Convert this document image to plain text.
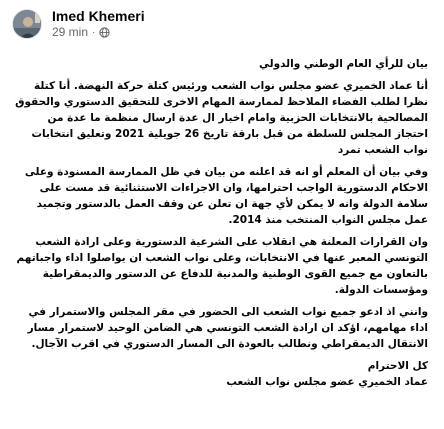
Imed Khemeri
29 min ·

بيان للرأي العام الوطني والدولي

أنا عماد الخميري عضو مجلس نواب الشعب ورئيس كتلة حركة النهضة. أنا كتلة نظرا لطلب الفضاء الملاحظ لممارسة المهام الاخرى للتحقيق الدستوري والحقوق المصالحية بالانتخابات الحزبية وامام اخبار ال عدة ارسال منظمة ما عدة من احتجاز المجلس للسلطة من قبل بارقة تاريخ 26 جويلية 2021 وتعليق انتخابات نواب الشعب تمرد

وفي بيان أن المعلم أو انه قد اعلنه من بيان في ظل الممارسة المسنودة وعلى الاحكام الدستورية الواجب احترامها، وان الاجراءات الاستثنائية قد مست على سلامة الدولة وانه لا يمكن لأي جهة ان تعلن عن وقف العمل بالدستور وتجميد عمل مجلس النواب المنتخب منذ 2014.

وان القرارات المعلنة هي انقلاب على الشرعية الدستورية وعلى ارادة الشعب التونسي المعبر عنها في الانتخابات، وعلى نواب الشعب ان يواصلوا اداء واجباتهم بالتعاون مع جميع القوى الوطنية والمدنية للدفاع عن الدستور والديمقراطية ومؤسسات الدولة.

وانني اذ ادعو جميع نواب الشعب الى الحضور في مقر المجلس والاستمرار في اداء مهامهم، اؤكد ان ارادة الشعب التونسي هي الضامن الوحيد لاستمرار مسار الانتقال الديمقراطي ونطالب بالعودة الى المسار الدستوري في اقرب الآجال.

كل الاحترام

عماد الخميري عضو مجلس نواب الشعب
